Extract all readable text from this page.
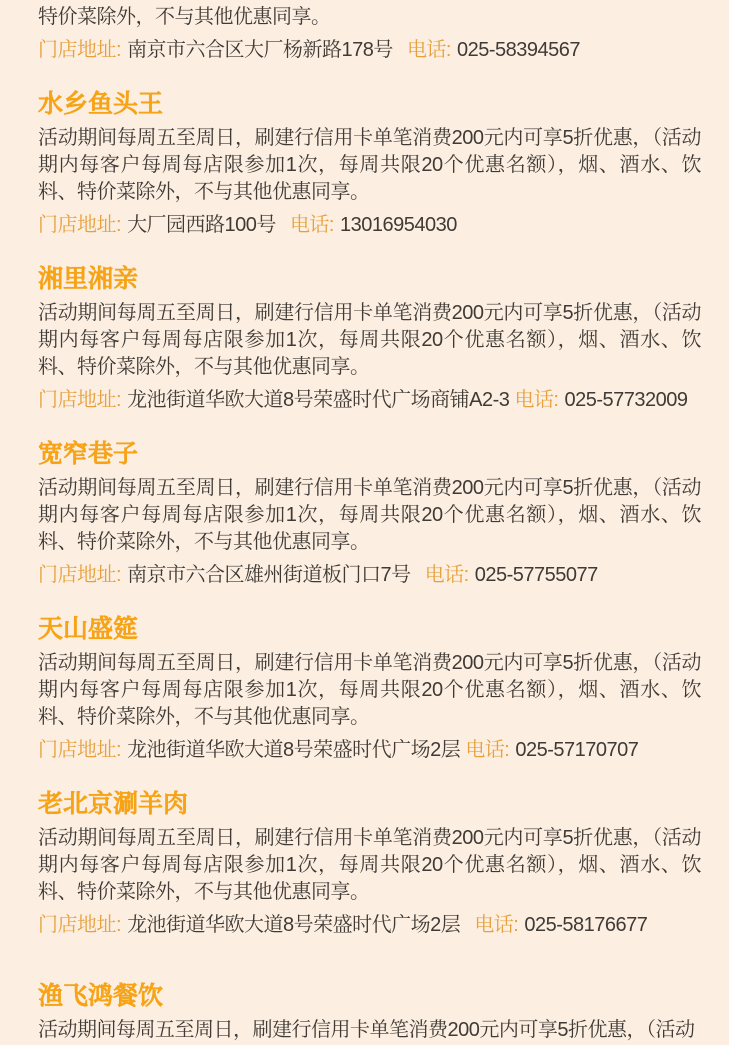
特价菜除外，不与其他优惠同享。

门店地址: 南京市六合区大厂杨新路178号 电话: 025-58394567

水乡鱼头王

活动期间每周五至周日，刷建行信用卡单笔消费200元内可享5折优惠，（活动期内每客户每周每店限参加1次，每周共限20个优惠名额），烟、酒水、饮料、特价菜除外，不与其他优惠同享。

门店地址: 大厂园西路100号 电话: 13016954030

湘里湘亲

活动期间每周五至周日，刷建行信用卡单笔消费200元内可享5折优惠，（活动期内每客户每周每店限参加1次，每周共限20个优惠名额），烟、酒水、饮料、特价菜除外，不与其他优惠同享。

门店地址: 龙池街道华欧大道8号荣盛时代广场商铺A2-3 电话: 025-57732009

宽窄巷子

活动期间每周五至周日，刷建行信用卡单笔消费200元内可享5折优惠，（活动期内每客户每周每店限参加1次，每周共限20个优惠名额），烟、酒水、饮料、特价菜除外，不与其他优惠同享。

门店地址: 南京市六合区雄州街道板门口7号 电话: 025-57755077

天山盛筵

活动期间每周五至周日，刷建行信用卡单笔消费200元内可享5折优惠，（活动期内每客户每周每店限参加1次，每周共限20个优惠名额），烟、酒水、饮料、特价菜除外，不与其他优惠同享。

门店地址: 龙池街道华欧大道8号荣盛时代广场2层 电话: 025-57170707

老北京涮羊肉

活动期间每周五至周日，刷建行信用卡单笔消费200元内可享5折优惠，（活动期内每客户每周每店限参加1次，每周共限20个优惠名额），烟、酒水、饮料、特价菜除外，不与其他优惠同享。

门店地址: 龙池街道华欧大道8号荣盛时代广场2层 电话: 025-58176677

渔飞鸿餐饮

活动期间每周五至周日，刷建行信用卡单笔消费200元内可享5折优惠，（活动
